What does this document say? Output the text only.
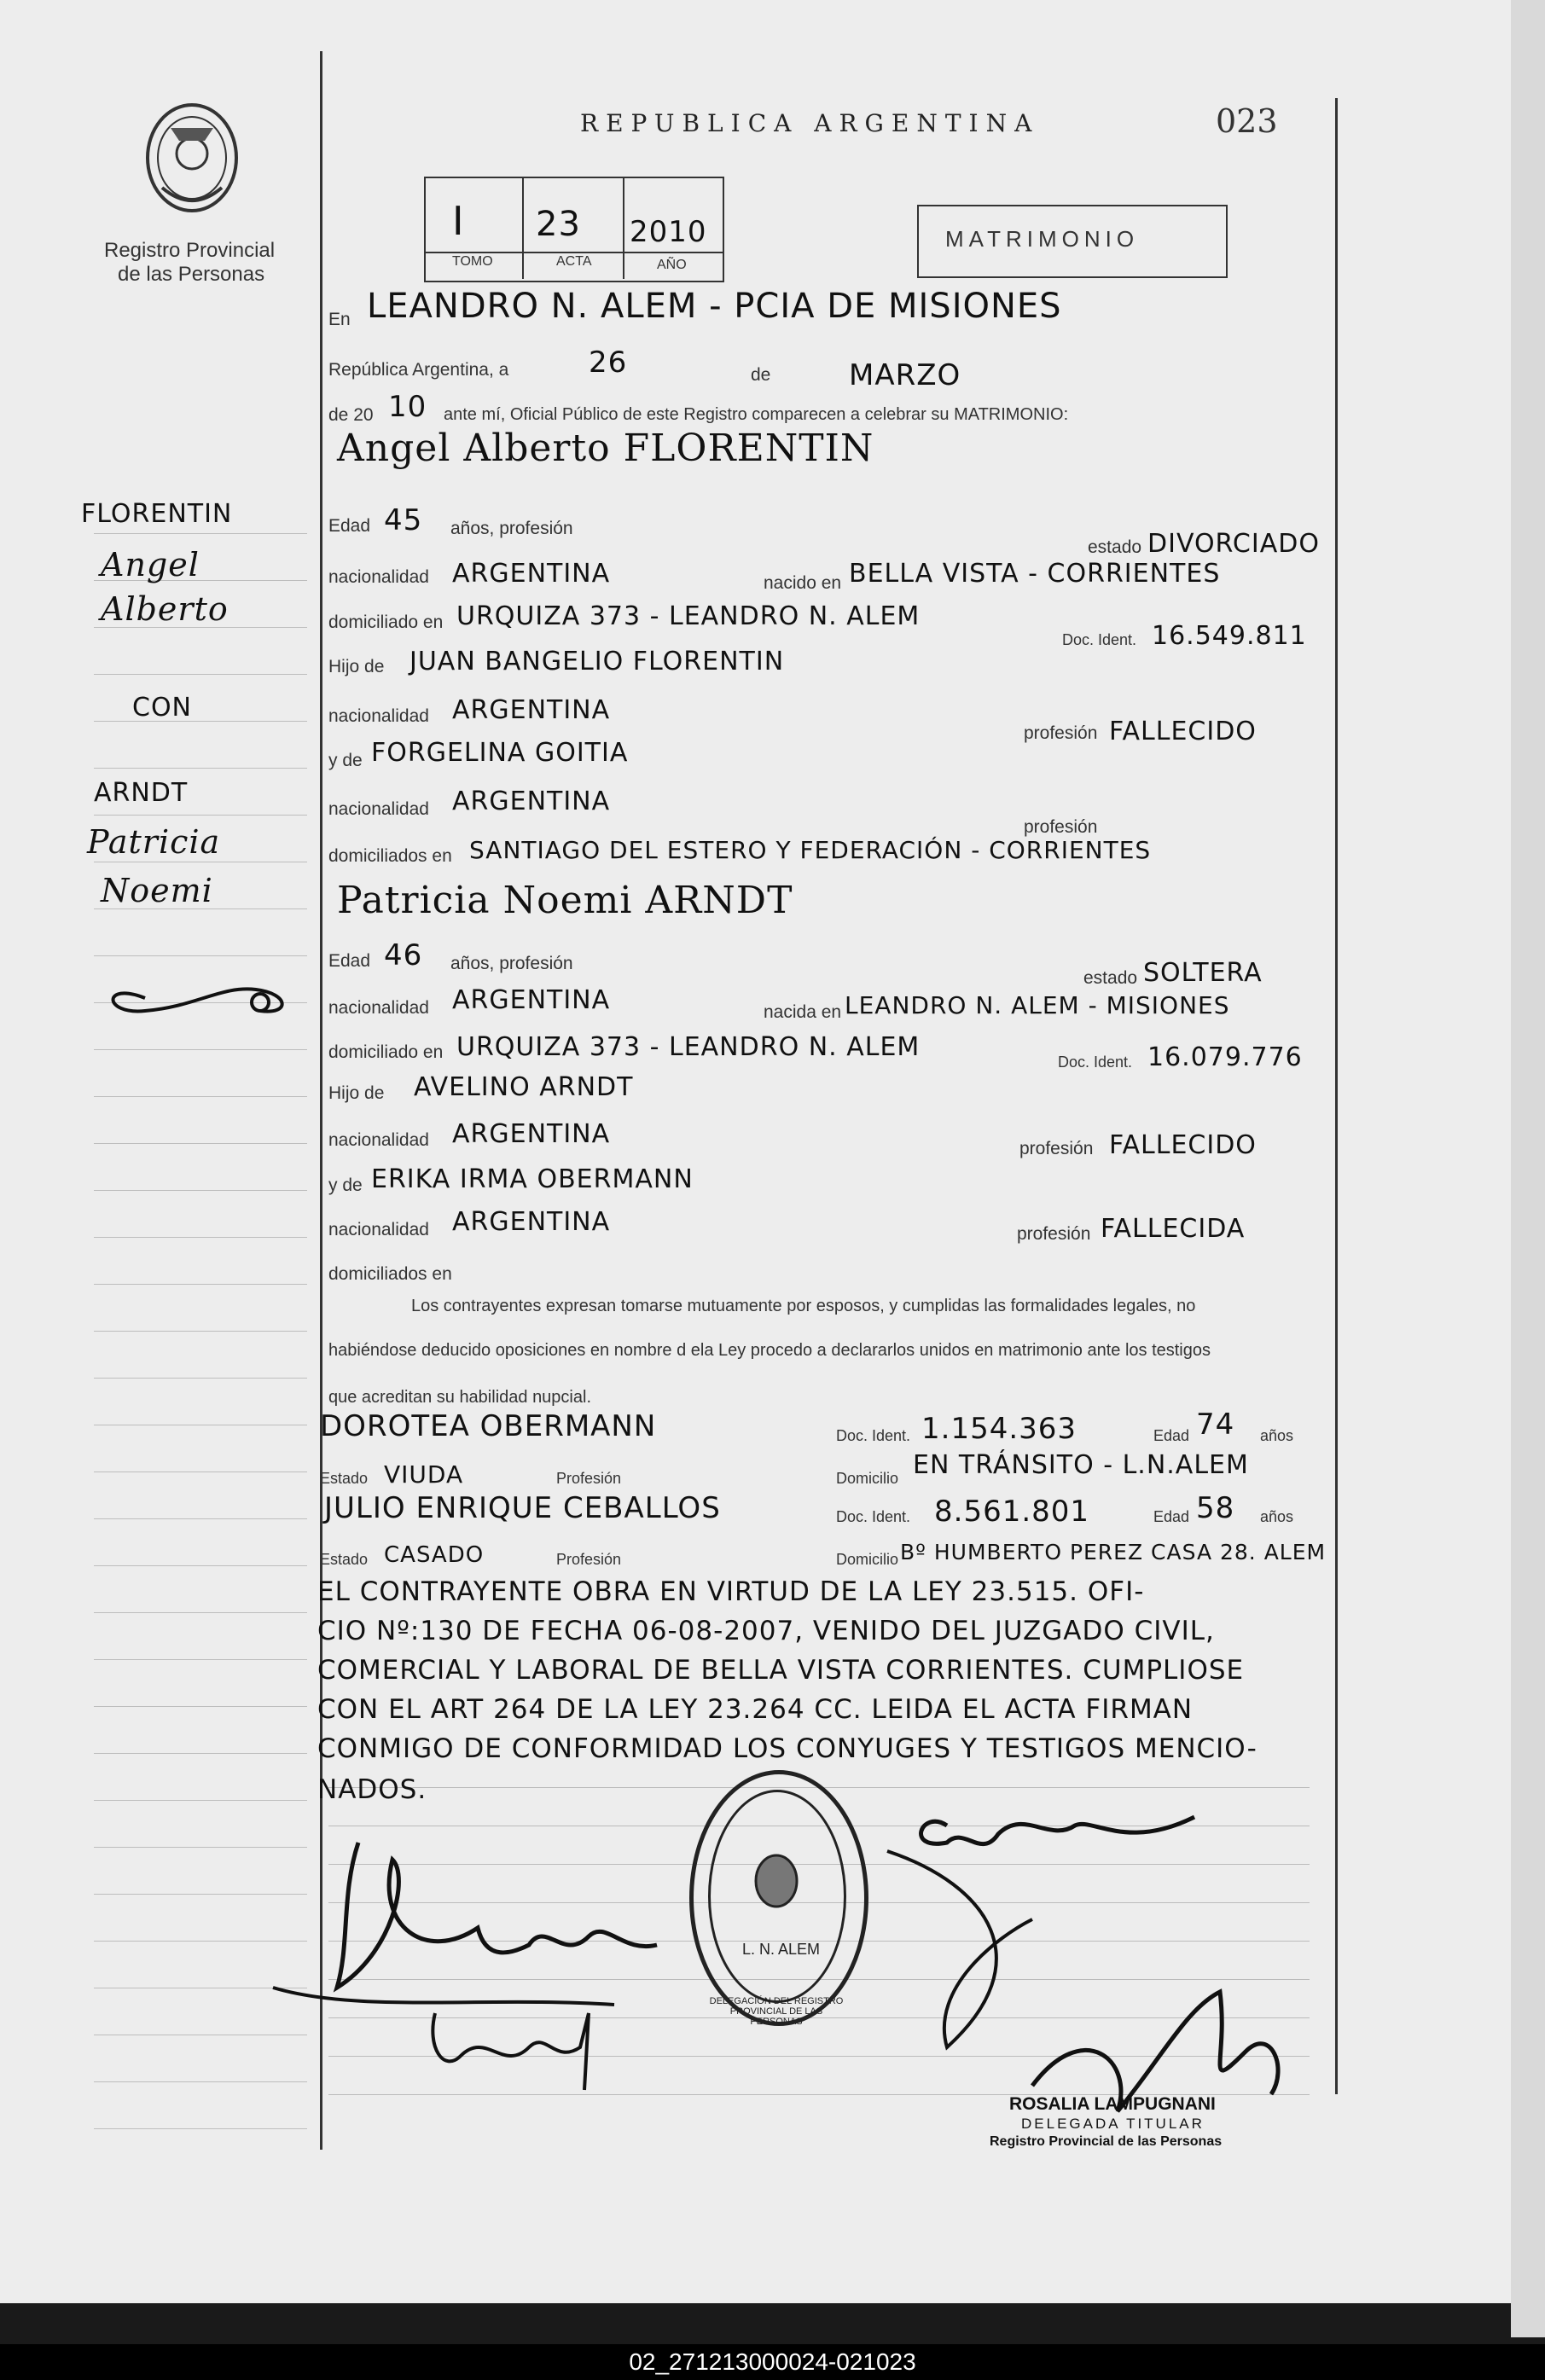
Registro Provincial
de las Personas
REPUBLICA ARGENTINA	023
I 23 2010
TOMO	ACTA	AÑO
MATRIMONIO
FLORENTIN
Angel
Alberto
CON
ARNDT
Patricia
Noemi
En LEANDRO N. ALEM - PCIA DE MISIONES
República Argentina, a	26	de	MARZO
de 20 10 ante mí, Oficial Público de este Registro comparecen a celebrar su MATRIMONIO:
Angel Alberto FLORENTIN
Edad 45 años, profesión
estado DIVORCIADO
nacionalidad ARGENTINA	nacido en BELLA VISTA - CORRIENTES
domiciliado en URQUIZA 373 - LEANDRO N. ALEM
Doc. Ident. 16.549.811
Hijo de JUAN BANGELIO FLORENTIN
nacionalidad ARGENTINA
profesión FALLECIDO
y de FORGELINA GOITIA
nacionalidad ARGENTINA
profesión
domiciliados en SANTIAGO DEL ESTERO Y FEDERACIÓN - CORRIENTES
Patricia Noemi ARNDT
Edad 46 años, profesión
estado SOLTERA
nacionalidad ARGENTINA	nacida en LEANDRO N. ALEM - MISIONES
domiciliado en URQUIZA 373 - LEANDRO N. ALEM	Doc. Ident. 16.079.776
Hijo de AVELINO ARNDT
nacionalidad ARGENTINA	profesión FALLECIDO
y de ERIKA IRMA OBERMANN
nacionalidad ARGENTINA	profesión FALLECIDA
domiciliados en
Los contrayentes expresan tomarse mutuamente por esposos, y cumplidas las formalidades legales, no
habiéndose deducido oposiciones en nombre d ela Ley procedo a declararlos unidos en matrimonio ante los testigos
que acreditan su habilidad nupcial.
DOROTEA OBERMANN	Doc. Ident. 1.154.363	Edad 74 años
Estado VIUDA	Profesión	Domicilio EN TRÁNSITO - L.N.ALEM
JULIO ENRIQUE CEBALLOS	Doc. Ident. 8.561.801	Edad 58 años
Estado CASADO	Profesión	Domicilio Bº HUMBERTO PEREZ CASA 28. ALEM
EL CONTRAYENTE OBRA EN VIRTUD DE LA LEY 23.515. OFI-
CIO Nº:130 DE FECHA 06-08-2007, VENIDO DEL JUZGADO CIVIL,
COMERCIAL Y LABORAL DE BELLA VISTA CORRIENTES. CUMPLIOSE
CON EL ART 264 DE LA LEY 23.264 CC. LEIDA EL ACTA FIRMAN
CONMIGO DE CONFORMIDAD LOS CONYUGES Y TESTIGOS MENCIO-
NADOS.
DELEGACIÓN DEL REGISTRO PROVINCIAL DE LAS PERSONAS
L. N. ALEM
ROSALIA LAMPUGNANI
DELEGADA TITULAR
Registro Provincial de las Personas
02_271213000024-021023
